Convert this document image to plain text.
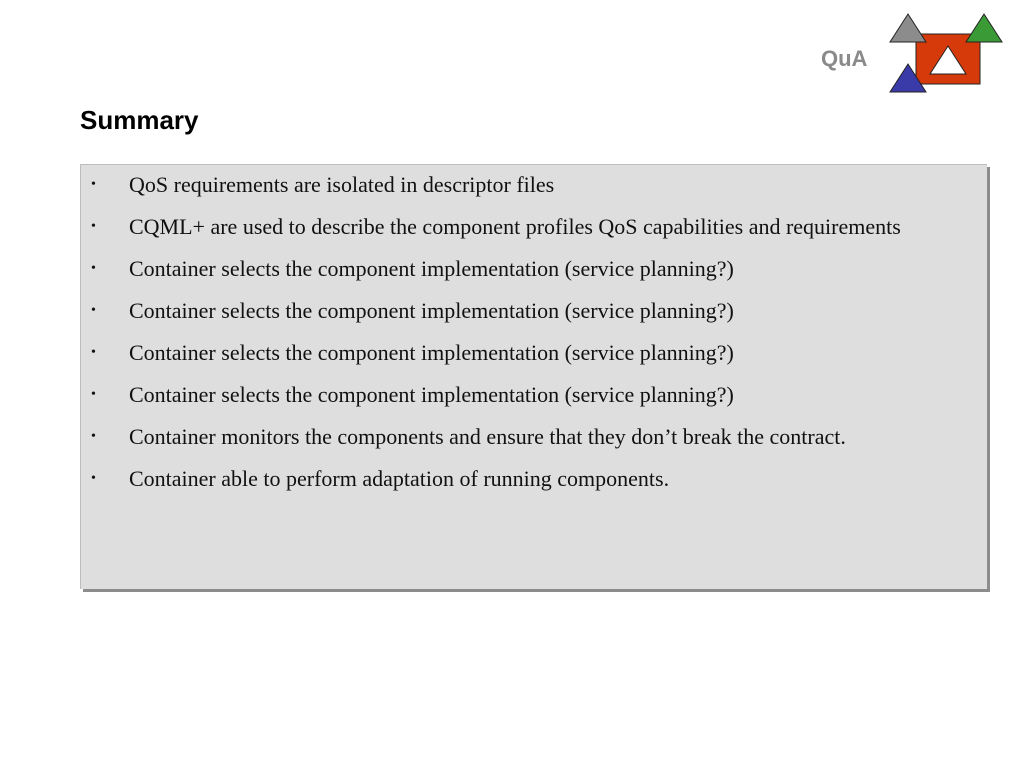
QuA
Summary
• QoS requirements are isolated in descriptor files
• CQML+ are used to describe the component profiles QoS capabilities and requirements
• Container selects the component implementation (service planning?)
• Container selects the component implementation (service planning?)
• Container selects the component implementation (service planning?)
• Container selects the component implementation (service planning?)
• Container monitors the components and ensure that they don’t break the contract.
• Container able to perform adaptation of running components.
